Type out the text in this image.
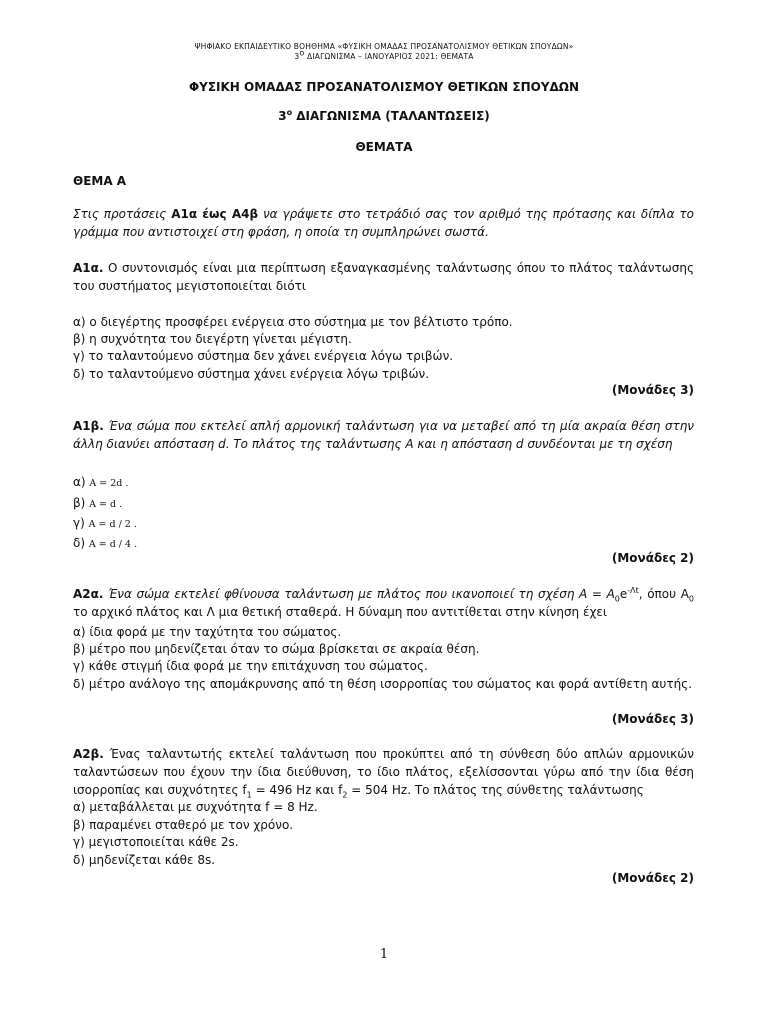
ΨΗΦΙΑΚΟ ΕΚΠΑΙΔΕΥΤΙΚΟ ΒΟΗΘΗΜΑ «ΦΥΣΙΚΗ ΟΜΑΔΑΣ ΠΡΟΣΑΝΑΤΟΛΙΣΜΟΥ ΘΕΤΙΚΩΝ ΣΠΟΥΔΩΝ»
$3^o$ ΔΙΑΓΩΝΙΣΜΑ – ΙΑΝΟΥΑΡΙΟΣ 2021: ΘΕΜΑΤΑ
ΦΥΣΙΚΗ ΟΜΑΔΑΣ ΠΡΟΣΑΝΑΤΟΛΙΣΜΟΥ ΘΕΤΙΚΩΝ ΣΠΟΥΔΩΝ
$3^o$ ΔΙΑΓΩΝΙΣΜΑ (ΤΑΛΑΝΤΩΣΕΙΣ)
ΘΕΜΑΤΑ
ΘΕΜΑ Α
Στις προτάσεις Α1α έως Α4β να γράψετε στο τετράδιό σας τον αριθμό της πρότασης και δίπλα το γράμμα που αντιστοιχεί στη φράση, η οποία τη συμπληρώνει σωστά.
Α1α. Ο συντονισμός είναι μια περίπτωση εξαναγκασμένης ταλάντωσης όπου το πλάτος ταλάντωσης του συστήματος μεγιστοποιείται διότι
α) ο διεγέρτης προσφέρει ενέργεια στο σύστημα με τον βέλτιστο τρόπο.
β) η συχνότητα του διεγέρτη γίνεται μέγιστη.
γ) το ταλαντούμενο σύστημα δεν χάνει ενέργεια λόγω τριβών.
δ) το ταλαντούμενο σύστημα χάνει ενέργεια λόγω τριβών.
(Μονάδες 3)
Α1β. Ένα σώμα που εκτελεί απλή αρμονική ταλάντωση για να μεταβεί από τη μία ακραία θέση στην άλλη διανύει απόσταση d. Το πλάτος της ταλάντωσης A και η απόσταση d συνδέονται με τη σχέση
α) A = 2d .
β) A = d .
γ) A = d / 2 .
δ) A = d / 4 .
(Μονάδες 2)
Α2α. Ένα σώμα εκτελεί φθίνουσα ταλάντωση με πλάτος που ικανοποιεί τη σχέση $A = A_0e^{-\Lambda t}$, όπου $A_0$ το αρχικό πλάτος και Λ μια θετική σταθερά. Η δύναμη που αντιτίθεται στην κίνηση έχει
α) ίδια φορά με την ταχύτητα του σώματος.
β) μέτρο που μηδενίζεται όταν το σώμα βρίσκεται σε ακραία θέση.
γ) κάθε στιγμή ίδια φορά με την επιτάχυνση του σώματος.
δ) μέτρο ανάλογο της απομάκρυνσης από τη θέση ισορροπίας του σώματος και φορά αντίθετη αυτής.
(Μονάδες 3)
Α2β. Ένας ταλαντωτής εκτελεί ταλάντωση που προκύπτει από τη σύνθεση δύο απλών αρμονικών ταλαντώσεων που έχουν την ίδια διεύθυνση, το ίδιο πλάτος, εξελίσσονται γύρω από την ίδια θέση ισορροπίας και συχνότητες $f_1 = 496$ Hz και $f_2 = 504$ Hz. Το πλάτος της σύνθετης ταλάντωσης
α) μεταβάλλεται με συχνότητα f = 8 Hz.
β) παραμένει σταθερό με τον χρόνο.
γ) μεγιστοποιείται κάθε 2s.
δ) μηδενίζεται κάθε 8s.
(Μονάδες 2)
1
